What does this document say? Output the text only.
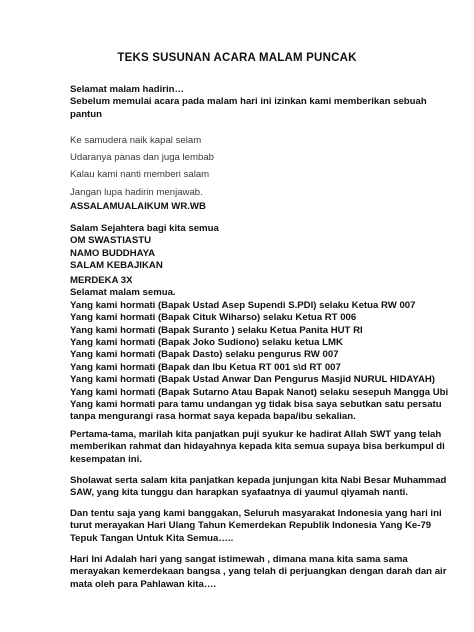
TEKS SUSUNAN ACARA MALAM PUNCAK
Selamat malam hadirin…
Sebelum memulai acara pada malam hari ini izinkan kami memberikan sebuah pantun
Ke samudera naik kapal selam
Udaranya panas dan juga lembab
Kalau kami nanti memberi salam
Jangan lupa hadirin menjawab.
ASSALAMUALAIKUM WR.WB
Salam Sejahtera bagi kita semua
OM SWASTIASTU
NAMO BUDDHAYA
SALAM KEBAJIKAN
MERDEKA 3X
Selamat malam semua.
Yang kami hormati (Bapak Ustad Asep Supendi S.PDI) selaku Ketua RW 007
Yang kami hormati (Bapak Cituk Wiharso) selaku Ketua RT 006
Yang kami hormati (Bapak Suranto ) selaku Ketua Panita HUT RI
Yang kami hormati (Bapak Joko Sudiono) selaku ketua LMK
Yang kami hormati (Bapak Dasto) selaku pengurus RW 007
Yang kami hormati (Bapak dan Ibu Ketua RT 001 s\d RT 007
Yang kami hormati (Bapak Ustad Anwar Dan Pengurus Masjid NURUL HIDAYAH)
Yang kami hormati (Bapak Sutarno Atau Bapak Nanot) selaku sesepuh Mangga Ubi
Yang kami hormati para tamu undangan yg tidak bisa saya sebutkan satu persatu
tanpa mengurangi rasa hormat saya kepada bapa/ibu sekalian.
Pertama-tama, marilah kita panjatkan puji syukur ke hadirat Allah SWT yang telah
memberikan rahmat dan hidayahnya kepada kita semua supaya bisa berkumpul di
kesempatan ini.
Sholawat serta salam kita panjatkan kepada junjungan kita Nabi Besar Muhammad
SAW, yang kita tunggu dan harapkan syafaatnya di yaumul qiyamah nanti.
Dan tentu saja yang kami banggakan, Seluruh masyarakat Indonesia yang hari ini
turut merayakan Hari Ulang Tahun Kemerdekan Republik Indonesia Yang Ke-79
Tepuk Tangan Untuk Kita Semua…..
Hari Ini Adalah hari yang sangat istimewah , dimana mana kita sama sama
merayakan kemerdekaan bangsa , yang telah di perjuangkan dengan darah dan air
mata oleh para Pahlawan kita….
